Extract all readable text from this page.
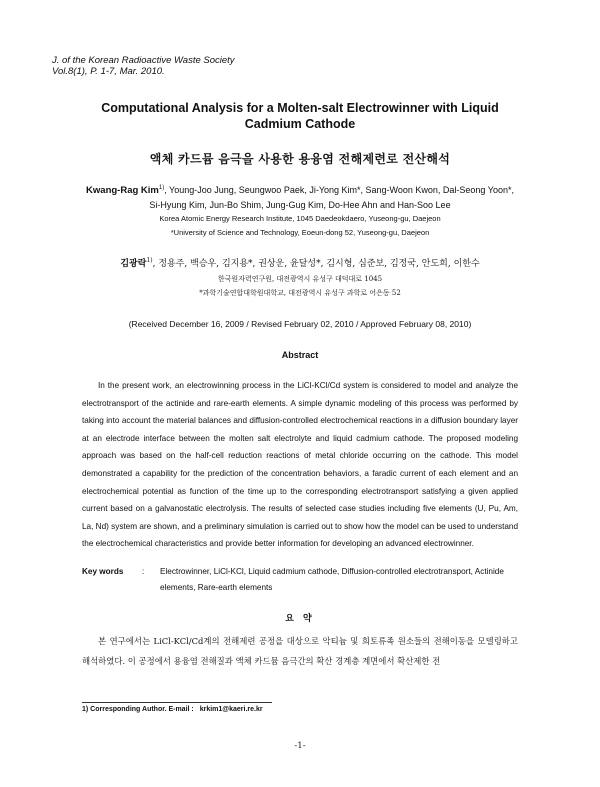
J. of the Korean Radioactive Waste Society
Vol.8(1), P. 1-7, Mar. 2010.
Computational Analysis for a Molten-salt Electrowinner with Liquid
Cadmium Cathode
액체 카드뮴 음극을 사용한 용융염 전해제련로 전산해석
Kwang-Rag Kim$^{1)}$, Young-Joo Jung, Seungwoo Paek, Ji-Yong Kim*, Sang-Woon Kwon, Dal-Seong Yoon*,
Si-Hyung Kim, Jun-Bo Shim, Jung-Gug Kim, Do-Hee Ahn and Han-Soo Lee
Korea Atomic Energy Research Institute, 1045 Daedeokdaero, Yuseong-gu, Daejeon
*University of Science and Technology, Eoeun-dong 52, Yuseong-gu, Daejeon
김광락$^{1)}$, 정용주, 백승우, 김지용*, 권상운, 윤달성*, 김시형, 심준보, 김정국, 안도희, 이한수
한국원자력연구원, 대전광역시 유성구 대덕대로 1045
*과학기술연합대학원대학교, 대전광역시 유성구 과학로 어은동 52
(Received December 16, 2009 / Revised February 02, 2010 / Approved February 08, 2010)
Abstract

In the present work, an electrowinning process in the LiCl-KCl/Cd system is considered to model and analyze the electrotransport of the actinide and rare-earth elements. A simple dynamic modeling of this process was performed by taking into account the material balances and diffusion-controlled electrochemical reactions in a diffusion boundary layer at an electrode interface between the molten salt electrolyte and liquid cadmium cathode. The proposed modeling approach was based on the half-cell reduction reactions of metal chloride occurring on the cathode. This model demonstrated a capability for the prediction of the concentration behaviors, a faradic current of each element and an electrochemical potential as function of the time up to the corresponding electrotransport satisfying a given applied current based on a galvanostatic electrolysis. The results of selected case studies including five elements (U, Pu, Am, La, Nd) system are shown, and a preliminary simulation is carried out to show how the model can be used to understand the electrochemical characteristics and provide better information for developing an advanced electrowinner.

Key words	:	Electrowinner, LiCl-KCl, Liquid cadmium cathode, Diffusion-controlled electrotransport, Actinide elements, Rare-earth elements
요 약

본 연구에서는 LiCl-KCl/Cd계의 전해제련 공정을 대상으로 악티늄 및 희토류족 원소들의 전해이동을 모델링하고 해석하였다. 이 공정에서 용융염 전해질과 액체 카드뮴 음극간의 확산 경계층 계면에서 확산제한 전

1) Corresponding Author. E-mail : krkim1@kaeri.re.kr
-1-
